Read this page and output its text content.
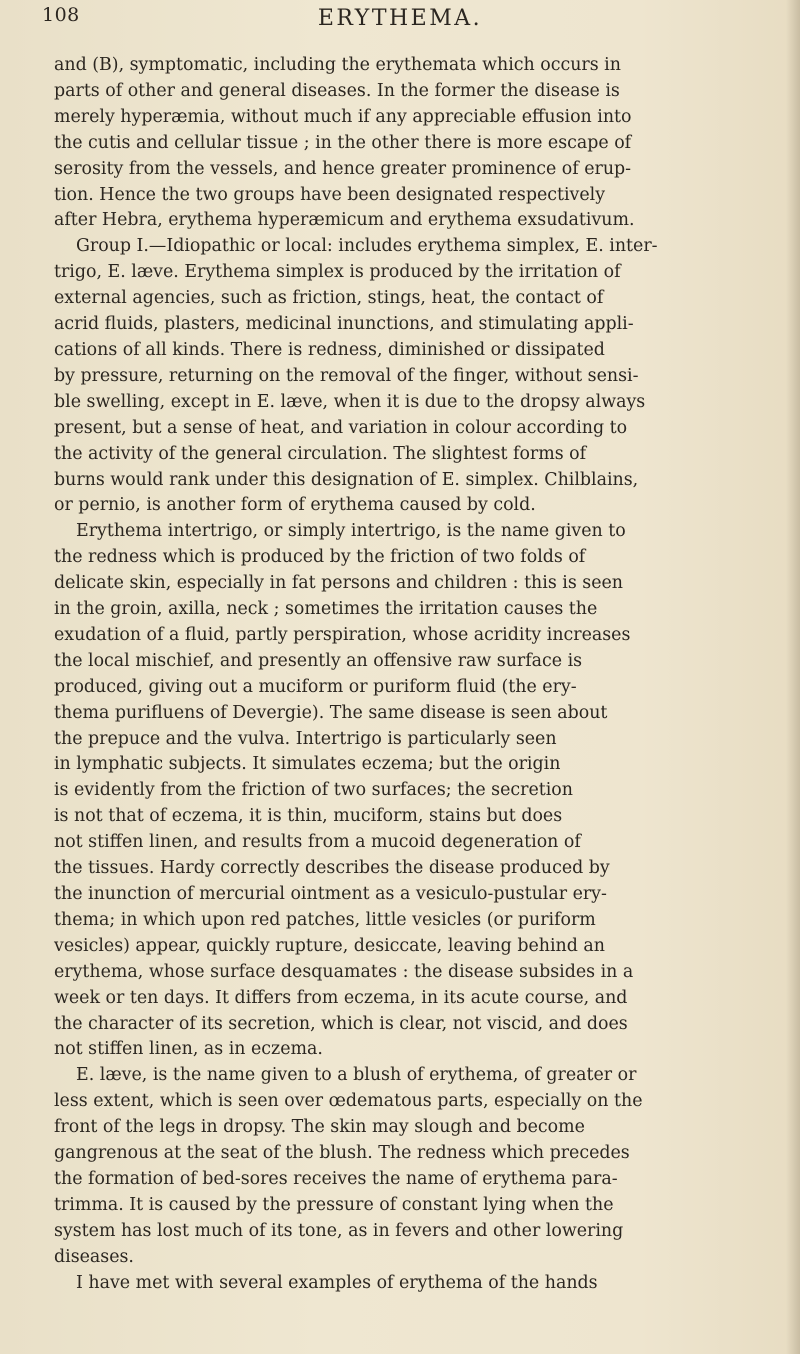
108	ERYTHEMA.
and (B), symptomatic, including the erythemata which occurs in
parts of other and general diseases. In the former the disease is
merely hyperæmia, without much if any appreciable effusion into
the cutis and cellular tissue ; in the other there is more escape of
serosity from the vessels, and hence greater prominence of erup-
tion. Hence the two groups have been designated respectively
after Hebra, erythema hyperæmicum and erythema exsudativum.
Group I.—Idiopathic or local: includes erythema simplex, E. inter-
trigo, E. læve. Erythema simplex is produced by the irritation of
external agencies, such as friction, stings, heat, the contact of
acrid fluids, plasters, medicinal inunctions, and stimulating appli-
cations of all kinds. There is redness, diminished or dissipated
by pressure, returning on the removal of the finger, without sensi-
ble swelling, except in E. læve, when it is due to the dropsy always
present, but a sense of heat, and variation in colour according to
the activity of the general circulation. The slightest forms of
burns would rank under this designation of E. simplex. Chilblains,
or pernio, is another form of erythema caused by cold.
Erythema intertrigo, or simply intertrigo, is the name given to
the redness which is produced by the friction of two folds of
delicate skin, especially in fat persons and children : this is seen
in the groin, axilla, neck ; sometimes the irritation causes the
exudation of a fluid, partly perspiration, whose acridity increases
the local mischief, and presently an offensive raw surface is
produced, giving out a muciform or puriform fluid (the ery-
thema purifluens of Devergie). The same disease is seen about
the prepuce and the vulva. Intertrigo is particularly seen
in lymphatic subjects. It simulates eczema; but the origin
is evidently from the friction of two surfaces; the secretion
is not that of eczema, it is thin, muciform, stains but does
not stiffen linen, and results from a mucoid degeneration of
the tissues. Hardy correctly describes the disease produced by
the inunction of mercurial ointment as a vesiculo-pustular ery-
thema; in which upon red patches, little vesicles (or puriform
vesicles) appear, quickly rupture, desiccate, leaving behind an
erythema, whose surface desquamates : the disease subsides in a
week or ten days. It differs from eczema, in its acute course, and
the character of its secretion, which is clear, not viscid, and does
not stiffen linen, as in eczema.
E. læve, is the name given to a blush of erythema, of greater or
less extent, which is seen over œdematous parts, especially on the
front of the legs in dropsy. The skin may slough and become
gangrenous at the seat of the blush. The redness which precedes
the formation of bed-sores receives the name of erythema para-
trimma. It is caused by the pressure of constant lying when the
system has lost much of its tone, as in fevers and other lowering
diseases.
I have met with several examples of erythema of the hands
